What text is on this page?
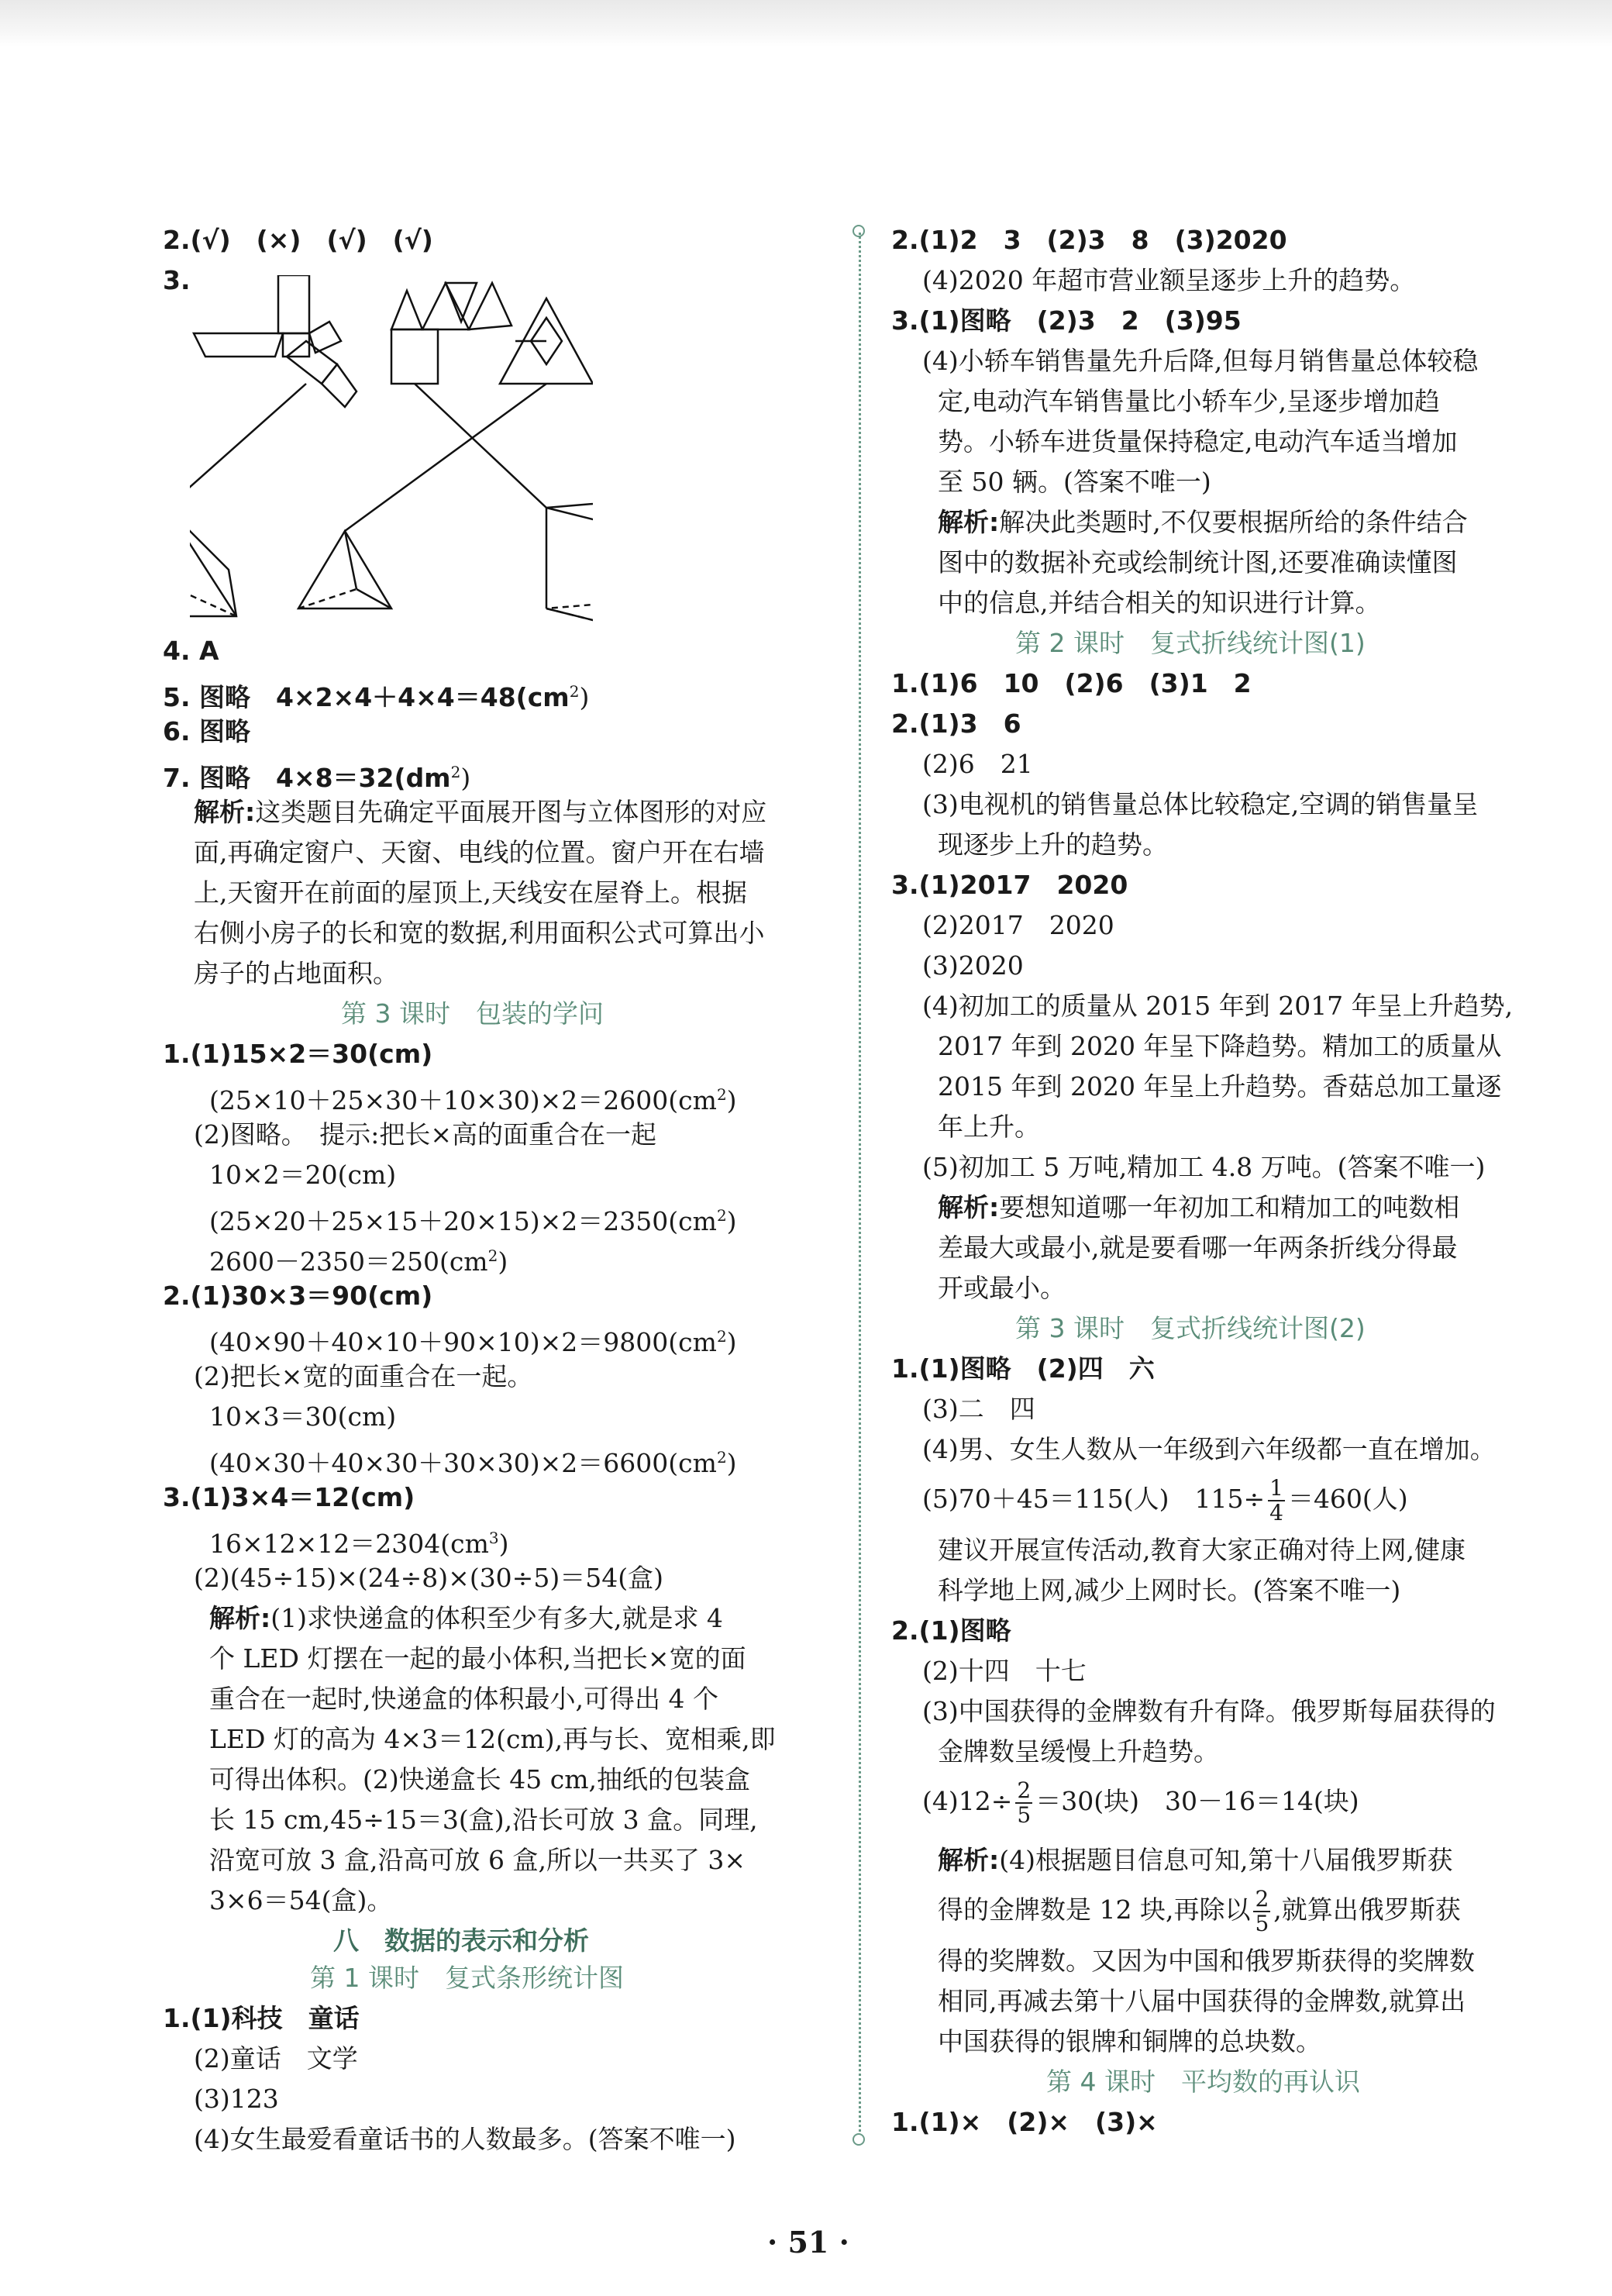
2.(√)　(×)　(√)　(√)
3.
4. A
5. 图略　$4\times 2\times 4+4\times 4=48(cm^2)$
6. 图略
7. 图略　$4\times 8=32(dm^2)$
解析:这类题目先确定平面展开图与立体图形的对应
面,再确定窗户、天窗、电线的位置。窗户开在右墙
上,天窗开在前面的屋顶上,天线安在屋脊上。根据
右侧小房子的长和宽的数据,利用面积公式可算出小
房子的占地面积。
第 3 课时　包装的学问
1.(1)15×2＝30(cm)
$(25\times 10+25\times 30+10\times 30)\times 2=2600(cm^2)$
(2)图略。　提示:把长×高的面重合在一起
10×2＝20(cm)
$(25\times 20+25\times 15+20\times 15)\times 2=2350(cm^2)$
$2600-2350=250(cm^2)$
2.(1)30×3＝90(cm)
$(40\times 90+40\times 10+90\times 10)\times 2=9800(cm^2)$
(2)把长×宽的面重合在一起。
10×3＝30(cm)
$(40\times 30+40\times 30+30\times 30)\times 2=6600(cm^2)$
3.(1)3×4＝12(cm)
$16\times 12\times 12=2304(cm^3)$
(2)(45÷15)×(24÷8)×(30÷5)＝54(盒)
解析:(1)求快递盒的体积至少有多大,就是求 4
个 LED 灯摆在一起的最小体积,当把长×宽的面
重合在一起时,快递盒的体积最小,可得出 4 个
LED 灯的高为 4×3＝12(cm),再与长、宽相乘,即
可得出体积。(2)快递盒长 45 cm,抽纸的包装盒
长 15 cm,45÷15＝3(盒),沿长可放 3 盒。同理,
沿宽可放 3 盒,沿高可放 6 盒,所以一共买了 3×
3×6＝54(盒)。
八　数据的表示和分析
第 1 课时　复式条形统计图
1.(1)科技　童话
(2)童话　文学
(3)123
(4)女生最爱看童话书的人数最多。(答案不唯一)
2.(1)2　3　(2)3　8　(3)2020
(4)2020 年超市营业额呈逐步上升的趋势。
3.(1)图略　(2)3　2　(3)95
(4)小轿车销售量先升后降,但每月销售量总体较稳
定,电动汽车销售量比小轿车少,呈逐步增加趋
势。小轿车进货量保持稳定,电动汽车适当增加
至 50 辆。(答案不唯一)
解析:解决此类题时,不仅要根据所给的条件结合
图中的数据补充或绘制统计图,还要准确读懂图
中的信息,并结合相关的知识进行计算。
第 2 课时　复式折线统计图(1)
1.(1)6　10　(2)6　(3)1　2
2.(1)3　6
(2)6　21
(3)电视机的销售量总体比较稳定,空调的销售量呈
现逐步上升的趋势。
3.(1)2017　2020
(2)2017　2020
(3)2020
(4)初加工的质量从 2015 年到 2017 年呈上升趋势,
2017 年到 2020 年呈下降趋势。精加工的质量从
2015 年到 2020 年呈上升趋势。香菇总加工量逐
年上升。
(5)初加工 5 万吨,精加工 4.8 万吨。(答案不唯一)
解析:要想知道哪一年初加工和精加工的吨数相
差最大或最小,就是要看哪一年两条折线分得最
开或最小。
第 3 课时　复式折线统计图(2)
1.(1)图略　(2)四　六
(3)二　四
(4)男、女生人数从一年级到六年级都一直在增加。
(5)70＋45＝115(人)　$115\div \frac{1}{4} =460$(人)
建议开展宣传活动,教育大家正确对待上网,健康
科学地上网,减少上网时长。(答案不唯一)
2.(1)图略
(2)十四　十七
(3)中国获得的金牌数有升有降。俄罗斯每届获得的
金牌数呈缓慢上升趋势。
$(4)12\div \frac{2}{5} =30$(块)　30－16＝14(块)
解析:(4)根据题目信息可知,第十八届俄罗斯获
得的金牌数是 12 块,再除以 $\frac{2}{5}$ ,就算出俄罗斯获
得的奖牌数。又因为中国和俄罗斯获得的奖牌数
相同,再减去第十八届中国获得的金牌数,就算出
中国获得的银牌和铜牌的总块数。
第 4 课时　平均数的再认识
1.(1)×　(2)×　(3)×
· 51 ·
